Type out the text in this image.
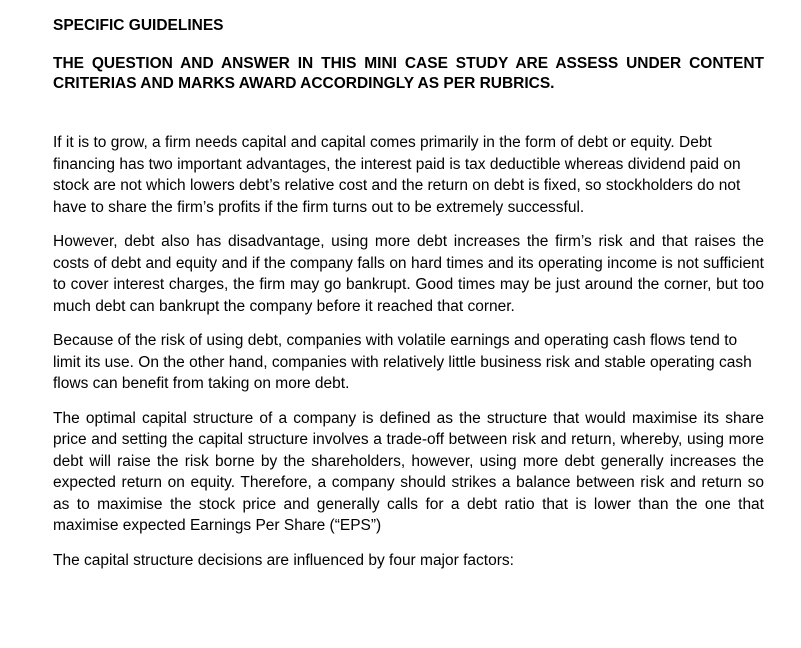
SPECIFIC GUIDELINES
THE QUESTION AND ANSWER IN THIS MINI CASE STUDY ARE ASSESS UNDER CONTENT CRITERIAS AND MARKS AWARD ACCORDINGLY AS PER RUBRICS.

If it is to grow, a firm needs capital and capital comes primarily in the form of debt or equity. Debt financing has two important advantages, the interest paid is tax deductible whereas dividend paid on stock are not which lowers debt’s relative cost and the return on debt is fixed, so stockholders do not have to share the firm’s profits if the firm turns out to be extremely successful.

However, debt also has disadvantage, using more debt increases the firm’s risk and that raises the costs of debt and equity and if the company falls on hard times and its operating income is not sufficient to cover interest charges, the firm may go bankrupt. Good times may be just around the corner, but too much debt can bankrupt the company before it reached that corner.

Because of the risk of using debt, companies with volatile earnings and operating cash flows tend to limit its use. On the other hand, companies with relatively little business risk and stable operating cash flows can benefit from taking on more debt.

The optimal capital structure of a company is defined as the structure that would maximise its share price and setting the capital structure involves a trade-off between risk and return, whereby, using more debt will raise the risk borne by the shareholders, however, using more debt generally increases the expected return on equity. Therefore, a company should strikes a balance between risk and return so as to maximise the stock price and generally calls for a debt ratio that is lower than the one that maximise expected Earnings Per Share (“EPS”)

The capital structure decisions are influenced by four major factors:
